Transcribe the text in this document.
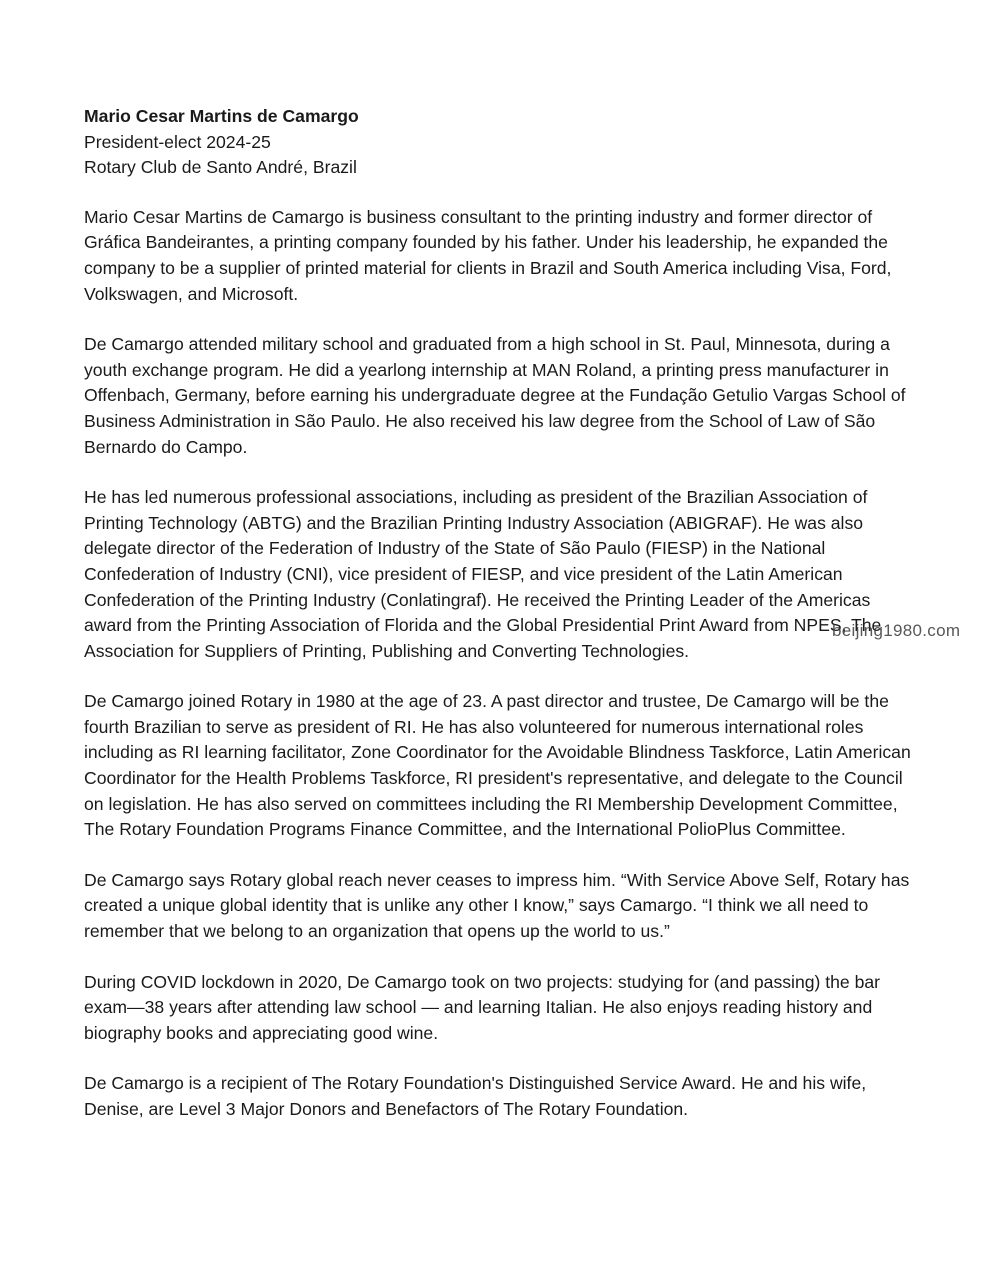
Mario Cesar Martins de Camargo
President-elect 2024-25
Rotary Club de Santo André, Brazil

Mario Cesar Martins de Camargo is business consultant to the printing industry and former director of Gráfica Bandeirantes, a printing company founded by his father. Under his leadership, he expanded the company to be a supplier of printed material for clients in Brazil and South America including Visa, Ford, Volkswagen, and Microsoft.

De Camargo attended military school and graduated from a high school in St. Paul, Minnesota, during a youth exchange program. He did a yearlong internship at MAN Roland, a printing press manufacturer in Offenbach, Germany, before earning his undergraduate degree at the Fundação Getulio Vargas School of Business Administration in São Paulo. He also received his law degree from the School of Law of São Bernardo do Campo.

He has led numerous professional associations, including as president of the Brazilian Association of Printing Technology (ABTG) and the Brazilian Printing Industry Association (ABIGRAF). He was also delegate director of the Federation of Industry of the State of São Paulo (FIESP) in the National Confederation of Industry (CNI), vice president of FIESP, and vice president of the Latin American Confederation of the Printing Industry (Conlatingraf). He received the Printing Leader of the Americas award from the Printing Association of Florida and the Global Presidential Print Award from NPES, The Association for Suppliers of Printing, Publishing and Converting Technologies.

De Camargo joined Rotary in 1980 at the age of 23. A past director and trustee, De Camargo will be the fourth Brazilian to serve as president of RI. He has also volunteered for numerous international roles including as RI learning facilitator, Zone Coordinator for the Avoidable Blindness Taskforce, Latin American Coordinator for the Health Problems Taskforce, RI president's representative, and delegate to the Council on legislation. He has also served on committees including the RI Membership Development Committee, The Rotary Foundation Programs Finance Committee, and the International PolioPlus Committee.

De Camargo says Rotary global reach never ceases to impress him. “With Service Above Self, Rotary has created a unique global identity that is unlike any other I know,” says Camargo. “I think we all need to remember that we belong to an organization that opens up the world to us.”

During COVID lockdown in 2020, De Camargo took on two projects: studying for (and passing) the bar exam—38 years after attending law school — and learning Italian. He also enjoys reading history and biography books and appreciating good wine.

De Camargo is a recipient of The Rotary Foundation's Distinguished Service Award. He and his wife, Denise, are Level 3 Major Donors and Benefactors of The Rotary Foundation.

beijing1980.com
